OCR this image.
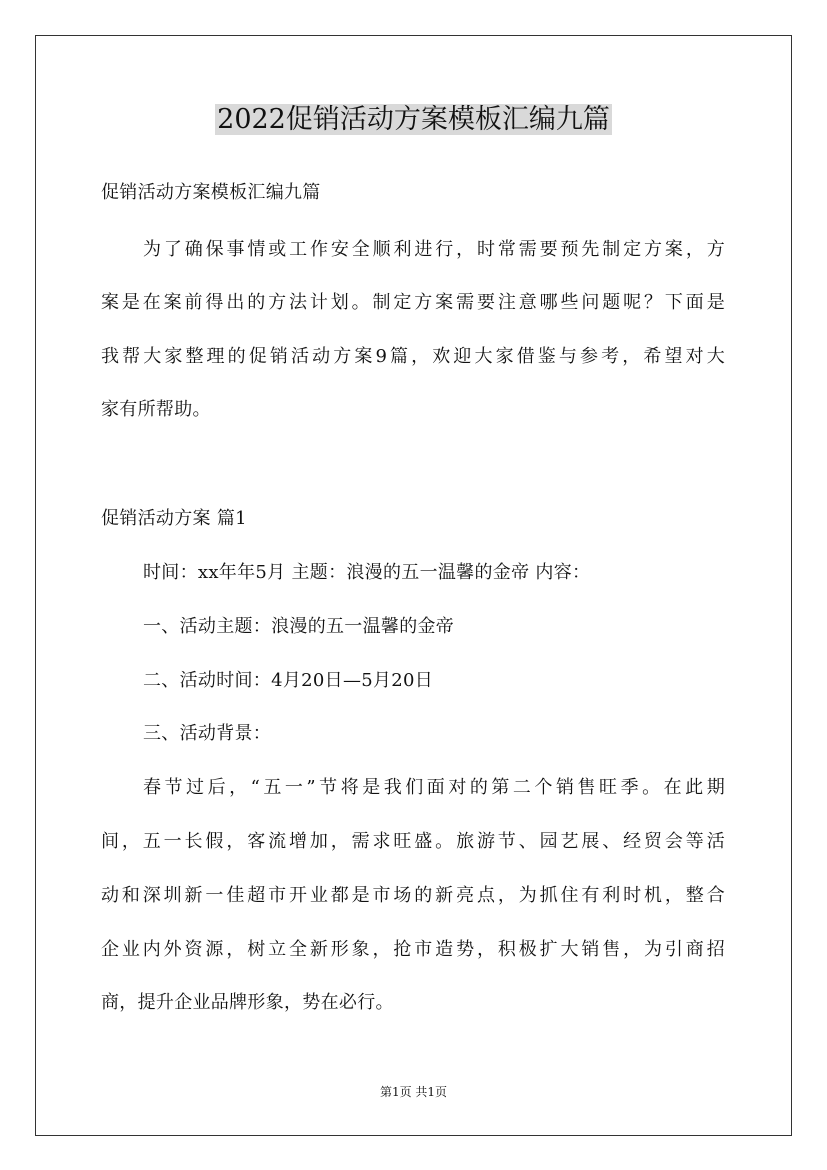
2022促销活动方案模板汇编九篇
促销活动方案模板汇编九篇
为了确保事情或工作安全顺利进行，时常需要预先制定方案，方
案是在案前得出的方法计划。制定方案需要注意哪些问题呢？下面是
我帮大家整理的促销活动方案9篇，欢迎大家借鉴与参考，希望对大
家有所帮助。
促销活动方案 篇1
时间：xx年年5月 主题：浪漫的五一温馨的金帝 内容：
一、活动主题：浪漫的五一温馨的金帝
二、活动时间：4月20日—5月20日
三、活动背景：
春节过后，“五一”节将是我们面对的第二个销售旺季。在此期
间，五一长假，客流增加，需求旺盛。旅游节、园艺展、经贸会等活
动和深圳新一佳超市开业都是市场的新亮点，为抓住有利时机，整合
企业内外资源，树立全新形象，抢市造势，积极扩大销售，为引商招
商，提升企业品牌形象，势在必行。
第1页 共1页
